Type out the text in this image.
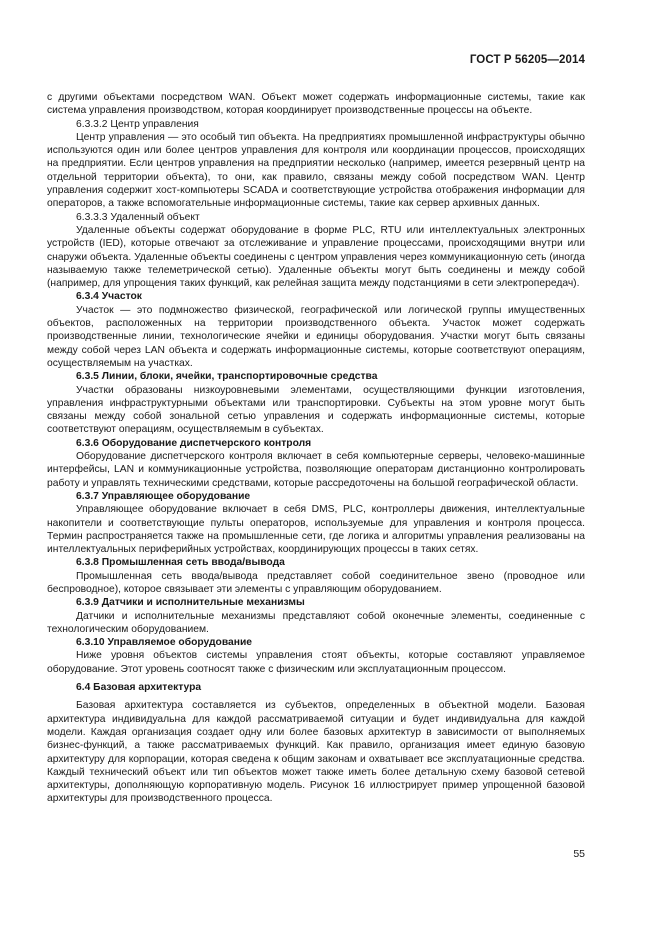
ГОСТ Р 56205—2014

с другими объектами посредством WAN. Объект может содержать информационные системы, такие как система управления производством, которая координирует производственные процессы на объекте.

6.3.3.2 Центр управления

Центр управления — это особый тип объекта. На предприятиях промышленной инфраструктуры обычно используются один или более центров управления для контроля или координации процессов, происходящих на предприятии. Если центров управления на предприятии несколько (например, имеется резервный центр на отдельной территории объекта), то они, как правило, связаны между собой посредством WAN. Центр управления содержит хост-компьютеры SCADA и соответствующие устройства отображения информации для операторов, а также вспомогательные информационные системы, такие как сервер архивных данных.

6.3.3.3 Удаленный объект

Удаленные объекты содержат оборудование в форме PLC, RTU или интеллектуальных электронных устройств (IED), которые отвечают за отслеживание и управление процессами, происходящими внутри или снаружи объекта. Удаленные объекты соединены с центром управления через коммуникационную сеть (иногда называемую также телеметрической сетью). Удаленные объекты могут быть соединены и между собой (например, для упрощения таких функций, как релейная защита между подстанциями в сети электропередач).

6.3.4 Участок

Участок — это подмножество физической, географической или логической группы имущественных объектов, расположенных на территории производственного объекта. Участок может содержать производственные линии, технологические ячейки и единицы оборудования. Участки могут быть связаны между собой через LAN объекта и содержать информационные системы, которые соответствуют операциям, осуществляемым на участках.

6.3.5 Линии, блоки, ячейки, транспортировочные средства

Участки образованы низкоуровневыми элементами, осуществляющими функции изготовления, управления инфраструктурными объектами или транспортировки. Субъекты на этом уровне могут быть связаны между собой зональной сетью управления и содержать информационные системы, которые соответствуют операциям, осуществляемым в субъектах.

6.3.6 Оборудование диспетчерского контроля

Оборудование диспетчерского контроля включает в себя компьютерные серверы, человеко-машинные интерфейсы, LAN и коммуникационные устройства, позволяющие операторам дистанционно контролировать работу и управлять техническими средствами, которые рассредоточены на большой географической области.

6.3.7 Управляющее оборудование

Управляющее оборудование включает в себя DMS, PLC, контроллеры движения, интеллектуальные накопители и соответствующие пульты операторов, используемые для управления и контроля процесса. Термин распространяется также на промышленные сети, где логика и алгоритмы управления реализованы на интеллектуальных периферийных устройствах, координирующих процессы в таких сетях.

6.3.8 Промышленная сеть ввода/вывода

Промышленная сеть ввода/вывода представляет собой соединительное звено (проводное или беспроводное), которое связывает эти элементы с управляющим оборудованием.

6.3.9 Датчики и исполнительные механизмы

Датчики и исполнительные механизмы представляют собой оконечные элементы, соединенные с технологическим оборудованием.

6.3.10 Управляемое оборудование

Ниже уровня объектов системы управления стоят объекты, которые составляют управляемое оборудование. Этот уровень соотносят также с физическим или эксплуатационным процессом.

6.4 Базовая архитектура

Базовая архитектура составляется из субъектов, определенных в объектной модели. Базовая архитектура индивидуальна для каждой рассматриваемой ситуации и будет индивидуальна для каждой модели. Каждая организация создает одну или более базовых архитектур в зависимости от выполняемых бизнес-функций, а также рассматриваемых функций. Как правило, организация имеет единую базовую архитектуру для корпорации, которая сведена к общим законам и охватывает все эксплуатационные средства. Каждый технический объект или тип объектов может также иметь более детальную схему базовой сетевой архитектуры, дополняющую корпоративную модель. Рисунок 16 иллюстрирует пример упрощенной базовой архитектуры для производственного процесса.

55
